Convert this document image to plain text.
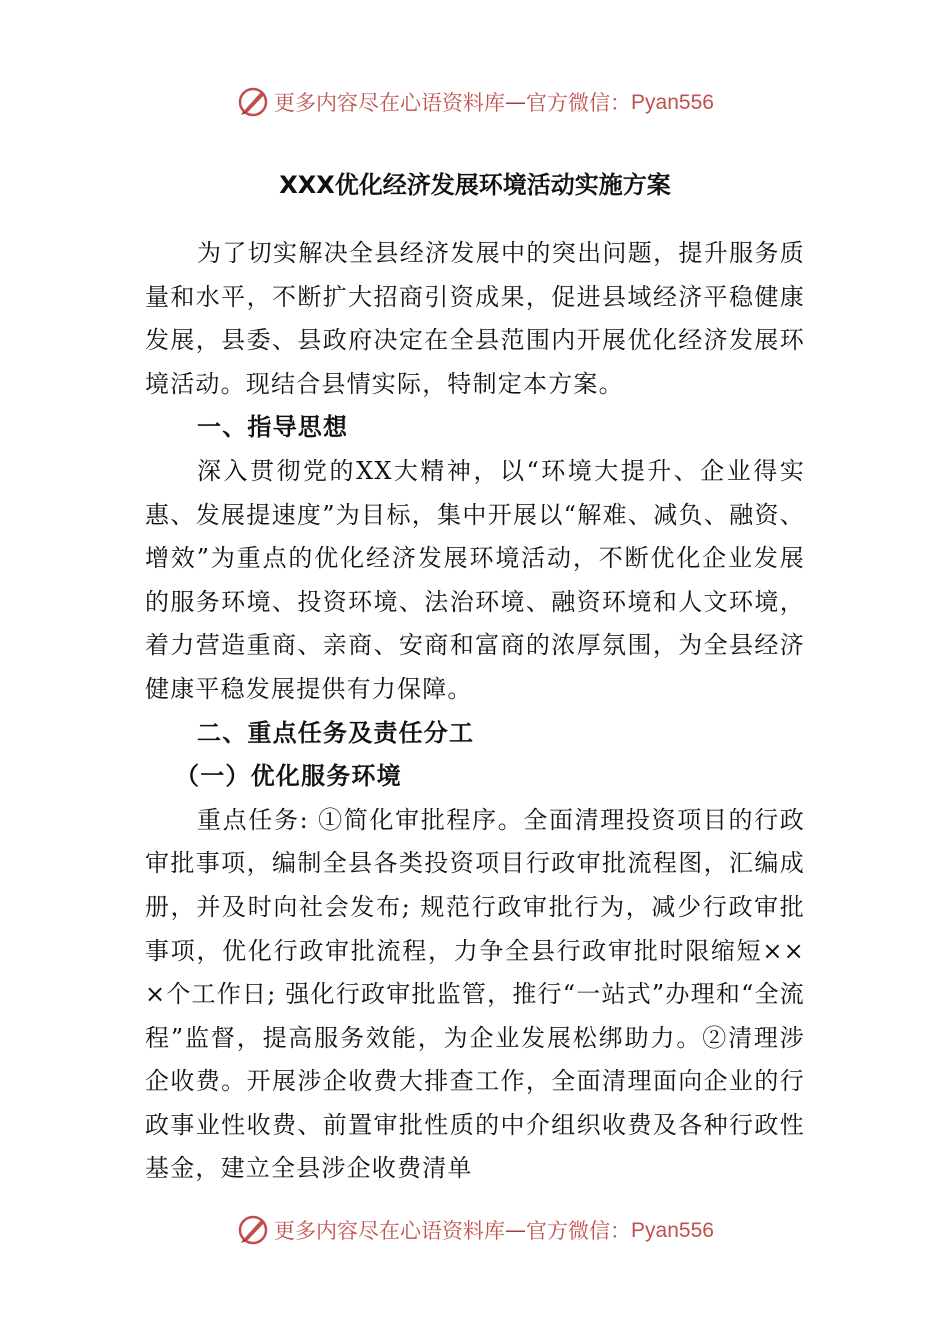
更多内容尽在心语资料库 — 官方微信： Pyan556
XXX优化经济发展环境活动实施方案

为了切实解决全县经济发展中的突出问题，提升服务质量和水平，不断扩大招商引资成果，促进县域经济平稳健康发展，县委、县政府决定在全县范围内开展优化经济发展环境活动。现结合县情实际，特制定本方案。

一、指导思想

深入贯彻党的XX大精神，以“环境大提升、企业得实惠、发展提速度”为目标，集中开展以“解难、减负、融资、增效”为重点的优化经济发展环境活动，不断优化企业发展的服务环境、投资环境、法治环境、融资环境和人文环境，着力营造重商、亲商、安商和富商的浓厚氛围，为全县经济健康平稳发展提供有力保障。

二、重点任务及责任分工

（一）优化服务环境

重点任务: ①简化审批程序。全面清理投资项目的行政审批事项，编制全县各类投资项目行政审批流程图，汇编成册，并及时向社会发布; 规范行政审批行为，减少行政审批事项，优化行政审批流程，力争全县行政审批时限缩短×××个工作日; 强化行政审批监管，推行“一站式”办理和“全流程”监督，提高服务效能，为企业发展松绑助力。②清理涉企收费。开展涉企收费大排查工作，全面清理面向企业的行政事业性收费、前置审批性质的中介组织收费及各种行政性基金，建立全县涉企收费清单

更多内容尽在心语资料库 — 官方微信： Pyan556
